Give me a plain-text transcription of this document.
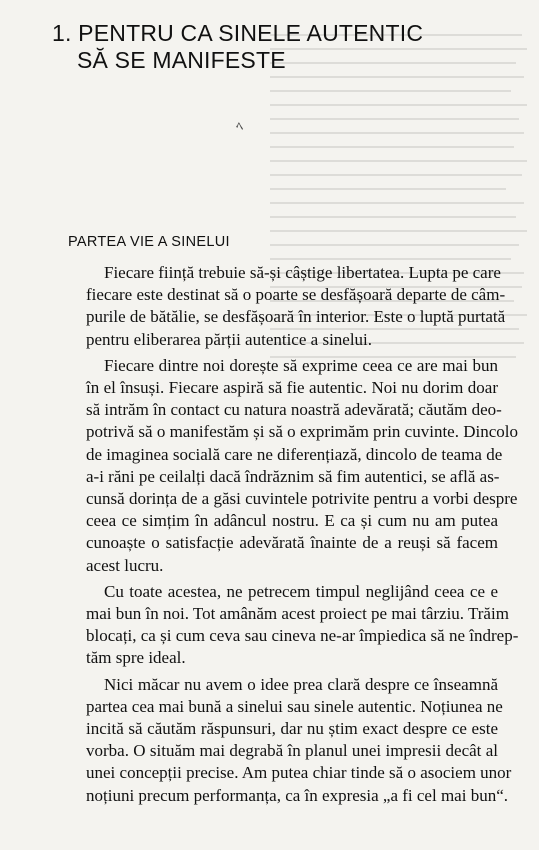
ﾍ
1. PENTRU CA SINELE AUTENTIC
SĂ SE MANIFESTE
PARTEA VIE A SINELUI

Fiecare ființă trebuie să-și câștige libertatea. Lupta pe care
fiecare este destinat să o poarte se desfășoară departe de câm-
purile de bătălie, se desfășoară în interior. Este o luptă purtată
pentru eliberarea părții autentice a sinelui.

Fiecare dintre noi dorește să exprime ceea ce are mai bun
în el însuși. Fiecare aspiră să fie autentic. Noi nu dorim doar
să intrăm în contact cu natura noastră adevărată; căutăm deo-
potrivă să o manifestăm și să o exprimăm prin cuvinte. Dincolo
de imaginea socială care ne diferențiază, dincolo de teama de
a-i răni pe ceilalți dacă îndrăznim să fim autentici, se află as-
cunsă dorința de a găsi cuvintele potrivite pentru a vorbi despre
ceea ce simțim în adâncul nostru. E ca și cum nu am putea
cunoaște o satisfacție adevărată înainte de a reuși să facem
acest lucru.

Cu toate acestea, ne petrecem timpul neglijând ceea ce e
mai bun în noi. Tot amânăm acest proiect pe mai târziu. Trăim
blocați, ca și cum ceva sau cineva ne-ar împiedica să ne îndrep-
tăm spre ideal.

Nici măcar nu avem o idee prea clară despre ce înseamnă
partea cea mai bună a sinelui sau sinele autentic. Noțiunea ne
incită să căutăm răspunsuri, dar nu știm exact despre ce este
vorba. O situăm mai degrabă în planul unei impresii decât al
unei concepții precise. Am putea chiar tinde să o asociem unor
noțiuni precum performanța, ca în expresia „a fi cel mai bun“.
